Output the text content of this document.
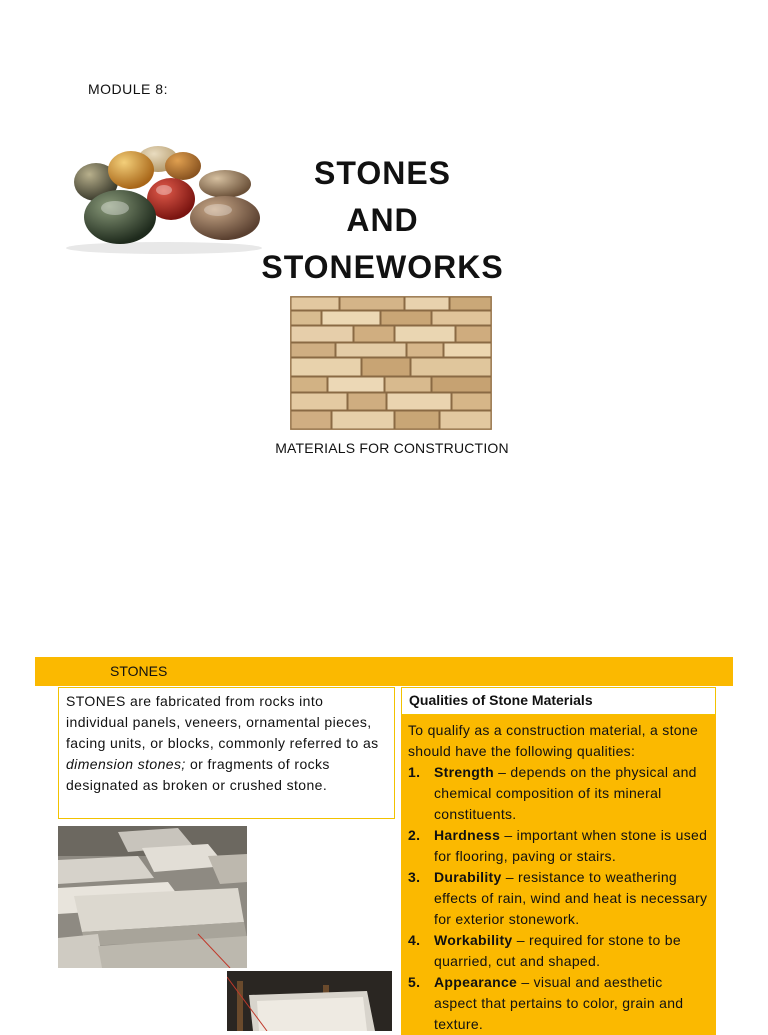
MODULE 8:
STONES
AND
STONEWORKS
MATERIALS FOR CONSTRUCTION
STONES
STONES are fabricated from rocks into individual panels, veneers, ornamental pieces, facing units, or blocks, commonly referred to as dimension stones; or fragments of rocks designated as broken or crushed stone.
Qualities of Stone Materials
To qualify as a construction material, a stone should have the following qualities:
1. Strength – depends on the physical and chemical composition of its mineral constituents.
2. Hardness – important when stone is used for flooring, paving or stairs.
3. Durability – resistance to weathering effects of rain, wind and heat is necessary for exterior stonework.
4. Workability – required for stone to be quarried, cut and shaped.
5. Appearance – visual and aesthetic aspect that pertains to color, grain and texture.
